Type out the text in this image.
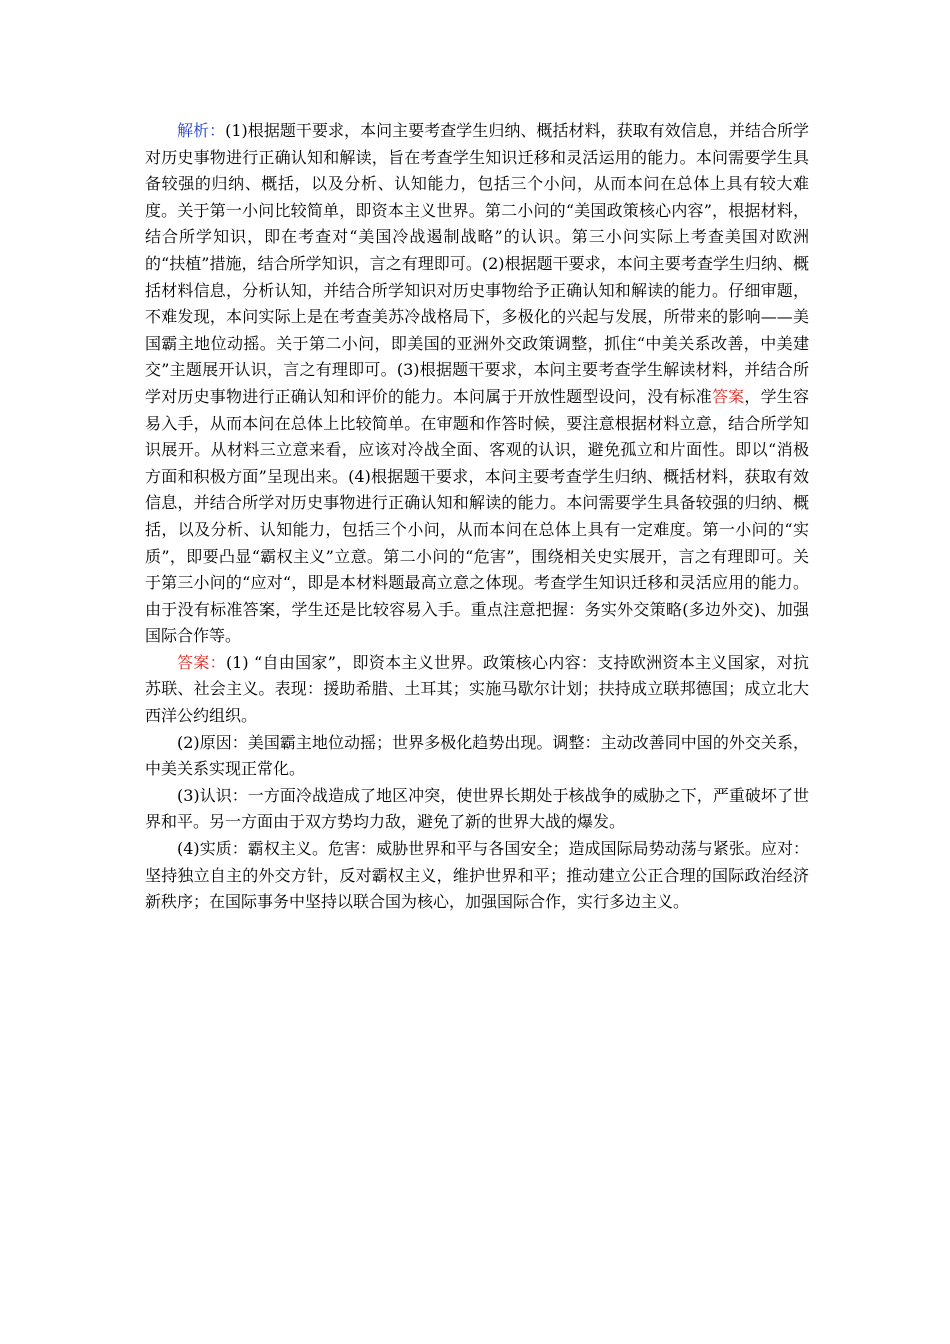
解析：(1)根据题干要求，本问主要考查学生归纳、概括材料，获取有效信息，并结合所学对历史事物进行正确认知和解读，旨在考查学生知识迁移和灵活运用的能力。本问需要学生具备较强的归纳、概括，以及分析、认知能力，包括三个小问，从而本问在总体上具有较大难度。关于第一小问比较简单，即资本主义世界。第二小问的“美国政策核心内容”，根据材料，结合所学知识，即在考查对“美国冷战遏制战略”的认识。第三小问实际上考查美国对欧洲的“扶植”措施，结合所学知识，言之有理即可。(2)根据题干要求，本问主要考查学生归纳、概括材料信息，分析认知，并结合所学知识对历史事物给予正确认知和解读的能力。仔细审题，不难发现，本问实际上是在考查美苏冷战格局下，多极化的兴起与发展，所带来的影响——美国霸主地位动摇。关于第二小问，即美国的亚洲外交政策调整，抓住“中美关系改善，中美建交”主题展开认识，言之有理即可。(3)根据题干要求，本问主要考查学生解读材料，并结合所学对历史事物进行正确认知和评价的能力。本问属于开放性题型设问，没有标准答案，学生容易入手，从而本问在总体上比较简单。在审题和作答时候，要注意根据材料立意，结合所学知识展开。从材料三立意来看，应该对冷战全面、客观的认识，避免孤立和片面性。即以“消极方面和积极方面”呈现出来。(4)根据题干要求，本问主要考查学生归纳、概括材料，获取有效信息，并结合所学对历史事物进行正确认知和解读的能力。本问需要学生具备较强的归纳、概括，以及分析、认知能力，包括三个小问，从而本问在总体上具有一定难度。第一小问的“实质”，即要凸显“霸权主义”立意。第二小问的“危害”，围绕相关史实展开，言之有理即可。关于第三小问的“应对“，即是本材料题最高立意之体现。考查学生知识迁移和灵活应用的能力。由于没有标准答案，学生还是比较容易入手。重点注意把握：务实外交策略(多边外交)、加强国际合作等。

答案：(1) “自由国家”，即资本主义世界。政策核心内容：支持欧洲资本主义国家，对抗苏联、社会主义。表现：援助希腊、土耳其；实施马歇尔计划；扶持成立联邦德国；成立北大西洋公约组织。

(2)原因：美国霸主地位动摇；世界多极化趋势出现。调整：主动改善同中国的外交关系，中美关系实现正常化。

(3)认识：一方面冷战造成了地区冲突，使世界长期处于核战争的威胁之下，严重破坏了世界和平。另一方面由于双方势均力敌，避免了新的世界大战的爆发。

(4)实质：霸权主义。危害：威胁世界和平与各国安全；造成国际局势动荡与紧张。应对：坚持独立自主的外交方针，反对霸权主义，维护世界和平；推动建立公正合理的国际政治经济新秩序；在国际事务中坚持以联合国为核心，加强国际合作，实行多边主义。
